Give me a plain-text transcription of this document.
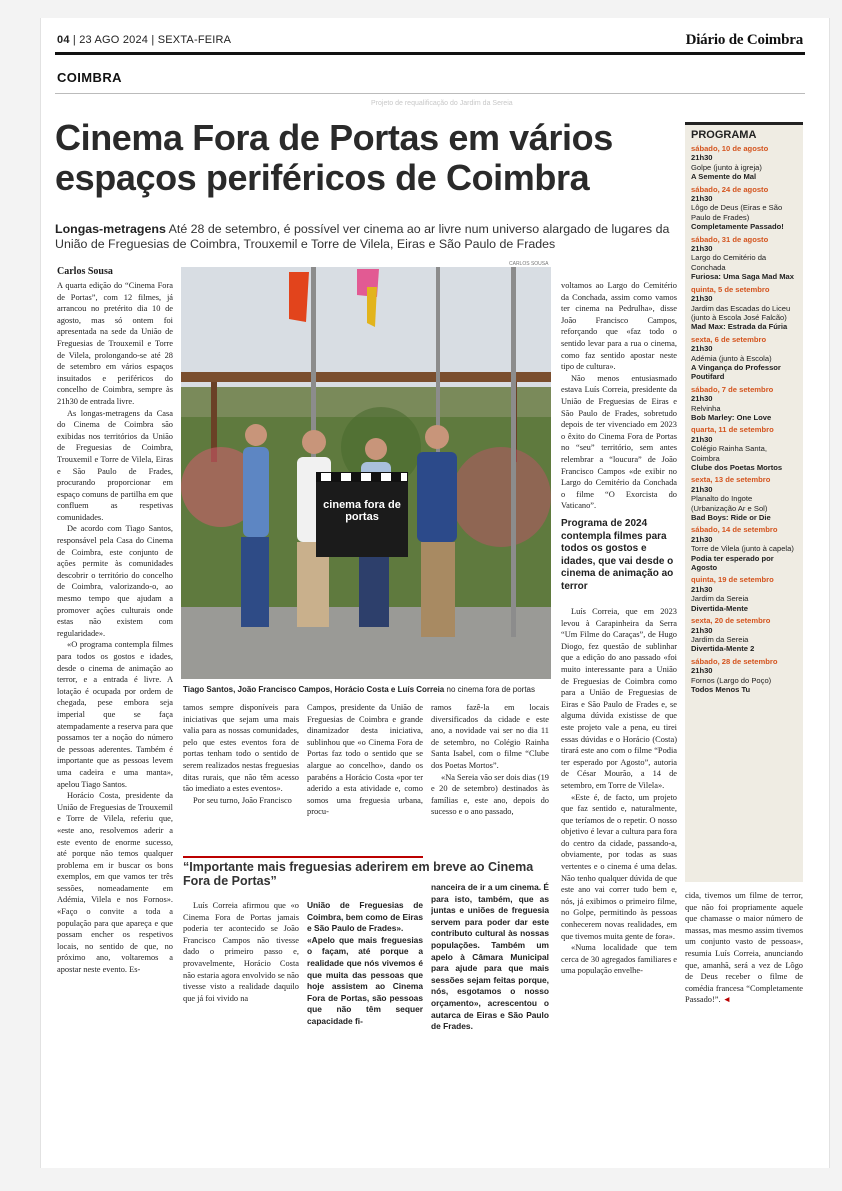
04 | 23 AGO 2024 | SEXTA-FEIRA	Diário de Coimbra
COIMBRA
Projeto de requalificação do Jardim da Sereia
Cinema Fora de Portas em vários espaços periféricos de Coimbra
Longas-metragens Até 28 de setembro, é possível ver cinema ao ar livre num universo alargado de lugares da União de Freguesias de Coimbra, Trouxemil e Torre de Vilela, Eiras e São Paulo de Frades
Carlos Sousa
CARLOS SOUSA
cinema fora de portas
Tiago Santos, João Francisco Campos, Horácio Costa e Luís Correia no cinema fora de portas

A quarta edição do “Cinema Fora de Portas”, com 12 filmes, já arrancou no pretérito dia 10 de agosto, mas só ontem foi apresentada na sede da União de Freguesias de Trouxemil e Torre de Vilela, prolongando-se até 28 de setembro em vários espaços insuitados e periféricos do concelho de Coimbra, sempre às 21h30 de entrada livre.

As longas-metragens da Casa do Cinema de Coimbra são exibidas nos territórios da União de Freguesias de Coimbra, Trouxemil e Torre de Vilela, Eiras e São Paulo de Frades, procurando proporcionar em espaço comuns de partilha em que confluem as respetivas comunidades.

De acordo com Tiago Santos, responsável pela Casa do Cinema de Coimbra, este conjunto de ações permite às comunidades descobrir o território do concelho de Coimbra, valorizando-o, ao mesmo tempo que ajudam a promover ações culturais onde estas não existem com regularidade».

«O programa contempla filmes para todos os gostos e idades, desde o cinema de animação ao terror, e a entrada é livre. A lotação é ocupada por ordem de chegada, pese embora seja imperial que se faça atempadamente a reserva para que possamos ter a noção do número de pessoas aderentes. Também é importante que as pessoas levem uma cadeira e uma manta», apelou Tiago Santos.

Horácio Costa, presidente da União de Freguesias de Trouxemil e Torre de Vilela, referiu que, «este ano, resolvemos aderir a este evento de enorme sucesso, até porque não temos qualquer problema em ir buscar os bons exemplos, em que vamos ter três sessões, nomeadamente em Adémia, Vilela e nos Fornos». «Faço o convite a toda a população para que apareça e que possam encher os respetivos locais, no sentido de que, no próximo ano, voltaremos a apostar neste evento. Es-

tamos sempre disponíveis para iniciativas que sejam uma mais valia para as nossas comunidades, pelo que estes eventos fora de portas tenham todo o sentido de serem realizados nestas freguesias ditas rurais, que não têm acesso tão imediato a estes eventos».

Por seu turno, João Francisco

Campos, presidente da União de Freguesias de Coimbra e grande dinamizador desta iniciativa, sublinhou que «o Cinema Fora de Portas faz todo o sentido que se alargue ao concelho», dando os parabéns a Horácio Costa «por ter aderido a esta atividade e, como somos uma freguesia urbana, procu-

ramos fazê-la em locais diversificados da cidade e este ano, a novidade vai ser no dia 11 de setembro, no Colégio Rainha Santa Isabel, com o filme “Clube dos Poetas Mortos”.

«Na Sereia vão ser dois dias (19 e 20 de setembro) destinados às famílias e, este ano, depois do sucesso e o ano passado,

voltamos ao Largo do Cemitério da Conchada, assim como vamos ter cinema na Pedrulha», disse João Francisco Campos, reforçando que «faz todo o sentido levar para a rua o cinema, como faz sentido apostar neste tipo de cultura».

Não menos entusiasmado estava Luís Correia, presidente da União de Freguesias de Eiras e São Paulo de Frades, sobretudo depois de ter vivenciado em 2023 o êxito do Cinema Fora de Portas no “seu” território, sem antes relembrar a “loucura” de João Francisco Campos «de exibir no Largo do Cemitério da Conchada o filme “O Exorcista do Vaticano”.

Programa de 2024 contempla filmes para todos os gostos e idades, que vai desde o cinema de animação ao terror

Luís Correia, que em 2023 levou à Carapinheira da Serra “Um Filme do Caraças”, de Hugo Diogo, fez questão de sublinhar que a edição do ano passado «foi muito interessante para a União de Freguesias de Coimbra como para a União de Freguesias de Eiras e São Paulo de Frades e, se alguma dúvida existisse de que este projeto vale a pena, eu tirei essas dúvidas e o Horácio (Costa) tirará este ano com o filme “Podia ter esperado por Agosto”, autoria de César Mourão, a 14 de setembro, em Torre de Vilela».

«Este é, de facto, um projeto que faz sentido e, naturalmente, que teríamos de o repetir. O nosso objetivo é levar a cultura para fora do centro da cidade, passando-a, obviamente, por todas as suas vertentes e o cinema é uma delas. Não tenho qualquer dúvida de que este ano vai correr tudo bem e, nós, já exibimos o primeiro filme, no Golpe, permitindo às pessoas conhecerem novas realidades, em que tivemos muita gente de fora».

«Numa localidade que tem cerca de 30 agregados familiares e uma população envelhe-

“Importante mais freguesias aderirem em breve ao Cinema Fora de Portas”

Luís Correia afirmou que «o Cinema Fora de Portas jamais poderia ter acontecido se João Francisco Campos não tivesse dado o primeiro passo e, provavelmente, Horácio Costa não estaria agora envolvido se não tivesse visto a realidade daquilo que já foi vivido na

União de Freguesias de Coimbra, bem como de Eiras e São Paulo de Frades».

«Apelo que mais freguesias o façam, até porque a realidade que nós vivemos é que muita das pessoas que hoje assistem ao Cinema Fora de Portas, são pessoas que não têm sequer capacidade fi-

nanceira de ir a um cinema. É para isto, também, que as juntas e uniões de freguesia servem para poder dar este contributo cultural às nossas populações. Também um apelo à Câmara Municipal para ajude para que mais sessões sejam feitas porque, nós, esgotamos o nosso orçamento», acrescentou o autarca de Eiras e São Paulo de Frades.

cida, tivemos um filme de terror, que não foi propriamente aquele que chamasse o maior número de massas, mas mesmo assim tivemos um conjunto vasto de pessoas», resumia Luís Correia, anunciando que, amanhã, será a vez de Lôgo de Deus receber o filme de comédia francesa “Completamente Passado!”. ◄

PROGRAMA
sábado, 10 de agosto
21h30
Golpe (junto à igreja)
A Semente do Mal
sábado, 24 de agosto
21h30
Lôgo de Deus (Eiras e São Paulo de Frades)
Completamente Passado!
sábado, 31 de agosto
21h30
Largo do Cemitério da Conchada
Furiosa: Uma Saga Mad Max
quinta, 5 de setembro
21h30
Jardim das Escadas do Liceu (junto à Escola José Falcão)
Mad Max: Estrada da Fúria
sexta, 6 de setembro
21h30
Adémia (junto à Escola)
A Vingança do Professor Poutifard
sábado, 7 de setembro
21h30
Relvinha
Bob Marley: One Love
quarta, 11 de setembro
21h30
Colégio Rainha Santa, Coimbra
Clube dos Poetas Mortos
sexta, 13 de setembro
21h30
Planalto do Ingote (Urbanização Ar e Sol)
Bad Boys: Ride or Die
sábado, 14 de setembro
21h30
Torre de Vilela (junto à capela)
Podia ter esperado por Agosto
quinta, 19 de setembro
21h30
Jardim da Sereia
Divertida-Mente
sexta, 20 de setembro
21h30
Jardim da Sereia
Divertida-Mente 2
sábado, 28 de setembro
21h30
Fornos (Largo do Poço)
Todos Menos Tu
